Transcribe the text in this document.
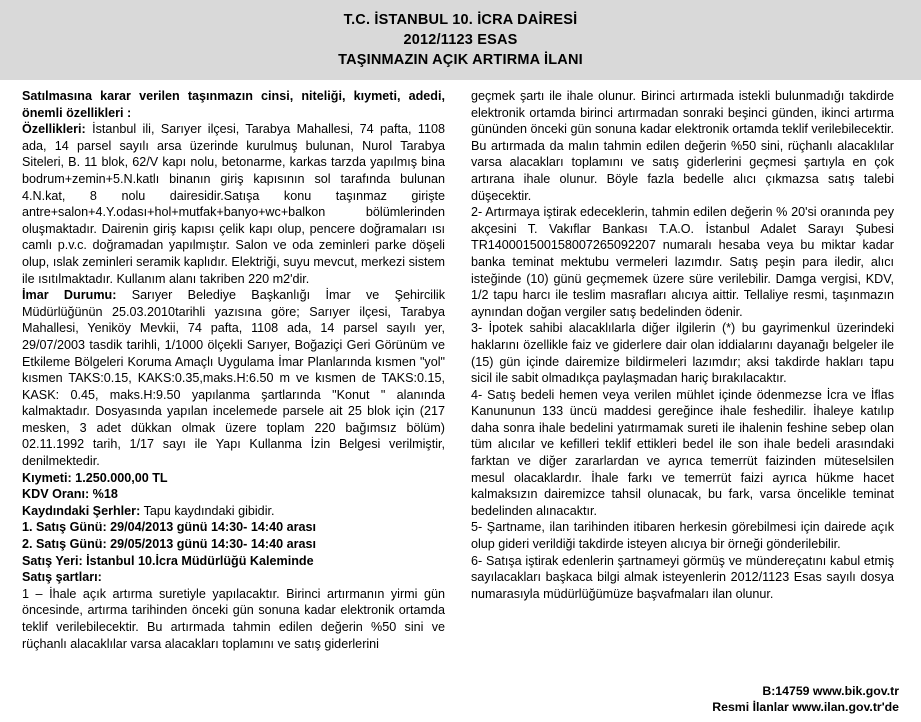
T.C. İSTANBUL 10. İCRA DAİRESİ
2012/1123 ESAS
TAŞINMAZIN AÇIK ARTIRMA İLANI

Satılmasına karar verilen taşınmazın cinsi, niteliği, kıymeti, adedi, önemli özellikleri :

Özellikleri: İstanbul ili, Sarıyer ilçesi, Tarabya Mahallesi, 74 pafta, 1108 ada, 14 parsel sayılı arsa üzerinde kurulmuş bulunan, Nurol Tarabya Siteleri, B. 11 blok, 62/V kapı nolu, betonarme, karkas tarzda yapılmış bina bodrum+zemin+5.N.katlı binanın giriş kapısının sol tarafında bulunan 4.N.kat, 8 nolu dairesidir.Satışa konu taşınmaz girişte antre+salon+4.Y.odası+hol+mutfak+banyo+wc+balkon bölümlerinden oluşmaktadır. Dairenin giriş kapısı çelik kapı olup, pencere doğramaları ısı camlı p.v.c. doğramadan yapılmıştır. Salon ve oda zeminleri parke döşeli olup, ıslak zeminleri seramik kaplıdır. Elektriği, suyu mevcut, merkezi sistem ile ısıtılmaktadır. Kullanım alanı takriben 220 m2'dir.

İmar Durumu: Sarıyer Belediye Başkanlığı İmar ve Şehircilik Müdürlüğünün 25.03.2010tarihli yazısına göre; Sarıyer ilçesi, Tarabya Mahallesi, Yeniköy Mevkii, 74 pafta, 1108 ada, 14 parsel sayılı yer, 29/07/2003 tasdik tarihli, 1/1000 ölçekli Sarıyer, Boğaziçi Geri Görünüm ve Etkileme Bölgeleri Koruma Amaçlı Uygulama İmar Planlarında kısmen "yol" kısmen TAKS:0.15, KAKS:0.35,maks.H:6.50 m ve kısmen de TAKS:0.15, KASK: 0.45, maks.H:9.50 yapılanma şartlarında "Konut " alanında kalmaktadır. Dosyasında yapılan incelemede parsele ait 25 blok için (217 mesken, 3 adet dükkan olmak üzere toplam 220 bağımsız bölüm) 02.11.1992 tarih, 1/17 sayı ile Yapı Kullanma İzin Belgesi verilmiştir, denilmektedir.

Kıymeti: 1.250.000,00 TL

KDV Oranı: %18

Kaydındaki Şerhler: Tapu kaydındaki gibidir.

1. Satış Günü: 29/04/2013 günü 14:30- 14:40 arası

2. Satış Günü: 29/05/2013 günü 14:30- 14:40 arası

Satış Yeri: İstanbul 10.İcra Müdürlüğü Kaleminde

Satış şartları:

1 – İhale açık artırma suretiyle yapılacaktır. Birinci artırmanın yirmi gün öncesinde, artırma tarihinden önceki gün sonuna kadar elektronik ortamda teklif verilebilecektir. Bu artırmada tahmin edilen değerin %50 sini ve rüçhanlı alacaklılar varsa alacakları toplamını ve satış giderlerini

geçmek şartı ile ihale olunur. Birinci artırmada istekli bulunmadığı takdirde elektronik ortamda birinci artırmadan sonraki beşinci günden, ikinci artırma gününden önceki gün sonuna kadar elektronik ortamda teklif verilebilecektir. Bu artırmada da malın tahmin edilen değerin %50 sini, rüçhanlı alacaklılar varsa alacakları toplamını ve satış giderlerini geçmesi şartıyla en çok artırana ihale olunur. Böyle fazla bedelle alıcı çıkmazsa satış talebi düşecektir.

2- Artırmaya iştirak edeceklerin, tahmin edilen değerin % 20'si oranında pey akçesini T. Vakıflar Bankası T.A.O. İstanbul Adalet Sarayı Şubesi TR140001500158007265092207 numaralı hesaba veya bu miktar kadar banka teminat mektubu vermeleri lazımdır. Satış peşin para iledir, alıcı isteğinde (10) günü geçmemek üzere süre verilebilir. Damga vergisi, KDV, 1/2 tapu harcı ile teslim masrafları alıcıya aittir. Tellaliye resmi, taşınmazın aynından doğan vergiler satış bedelinden ödenir.

3- İpotek sahibi alacaklılarla diğer ilgilerin (*) bu gayrimenkul üzerindeki haklarını özellikle faiz ve giderlere dair olan iddialarını dayanağı belgeler ile (15) gün içinde dairemize bildirmeleri lazımdır; aksi takdirde hakları tapu sicil ile sabit olmadıkça paylaşmadan hariç bırakılacaktır.

4- Satış bedeli hemen veya verilen mühlet içinde ödenmezse İcra ve İflas Kanununun 133 üncü maddesi gereğince ihale feshedilir. İhaleye katılıp daha sonra ihale bedelini yatırmamak sureti ile ihalenin feshine sebep olan tüm alıcılar ve kefilleri teklif ettikleri bedel ile son ihale bedeli arasındaki farktan ve diğer zararlardan ve ayrıca temerrüt faizinden müteselsilen mesul olacaklardır. İhale farkı ve temerrüt faizi ayrıca hükme hacet kalmaksızın dairemizce tahsil olunacak, bu fark, varsa öncelikle teminat bedelinden alınacaktır.

5- Şartname, ilan tarihinden itibaren herkesin görebilmesi için dairede açık olup gideri verildiği takdirde isteyen alıcıya bir örneği gönderilebilir.

6- Satışa iştirak edenlerin şartnameyi görmüş ve mündereçatını kabul etmiş sayılacakları başkaca bilgi almak isteyenlerin 2012/1123 Esas sayılı dosya numarasıyla müdürlüğümüze başvafmaları ilan olunur.

B:14759 www.bik.gov.tr
Resmi İlanlar www.ilan.gov.tr'de
